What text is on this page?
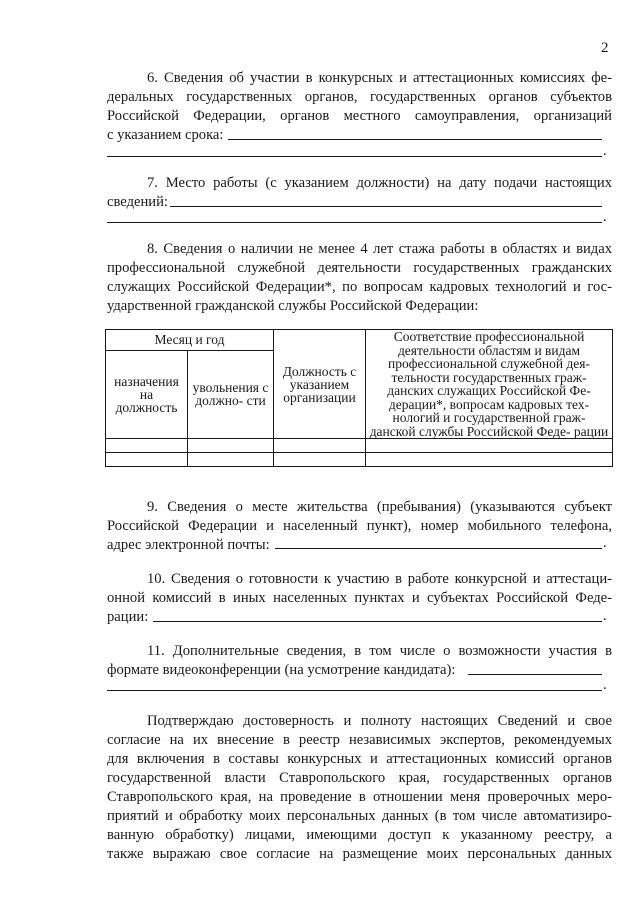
2
6. Сведения об участии в конкурсных и аттестационных комиссиях фе-
деральных государственных органов, государственных органов субъектов
Российской Федерации, органов местного самоуправления, организаций
с указанием срока:
.
7. Место работы (с указанием должности) на дату подачи настоящих
сведений:
.
8. Сведения о наличии не менее 4 лет стажа работы в областях и видах
профессиональной служебной деятельности государственных гражданских
служащих Российской Федерации*, по вопросам кадровых технологий и гос-
ударственной гражданской службы Российской Федерации:
Месяц и год		Должность с указанием организации	Соответствие профессиональной деятельности областям и видам профессиональной служебной дея- тельности государственных граж- данских служащих Российской Фе- дерации*, вопросам кадровых тех- нологий и государственной граж- данской службы Российской Феде- рации
назначения на должность	увольнения с должно- сти		

9. Сведения о месте жительства (пребывания) (указываются субъект
Российской Федерации и населенный пункт), номер мобильного телефона,
адрес электронной почты:	.
10. Сведения о готовности к участию в работе конкурсной и аттестаци-
онной комиссий в иных населенных пунктах и субъектах Российской Феде-
рации:	.
11. Дополнительные сведения, в том числе о возможности участия в
формате видеоконференции (на усмотрение кандидата):
.
Подтверждаю достоверность и полноту настоящих Сведений и свое
согласие на их внесение в реестр независимых экспертов, рекомендуемых
для включения в составы конкурсных и аттестационных комиссий органов
государственной власти Ставропольского края, государственных органов
Ставропольского края, на проведение в отношении меня проверочных меро-
приятий и обработку моих персональных данных (в том числе автоматизиро-
ванную обработку) лицами, имеющими доступ к указанному реестру, а
также выражаю свое согласие на размещение моих персональных данных
